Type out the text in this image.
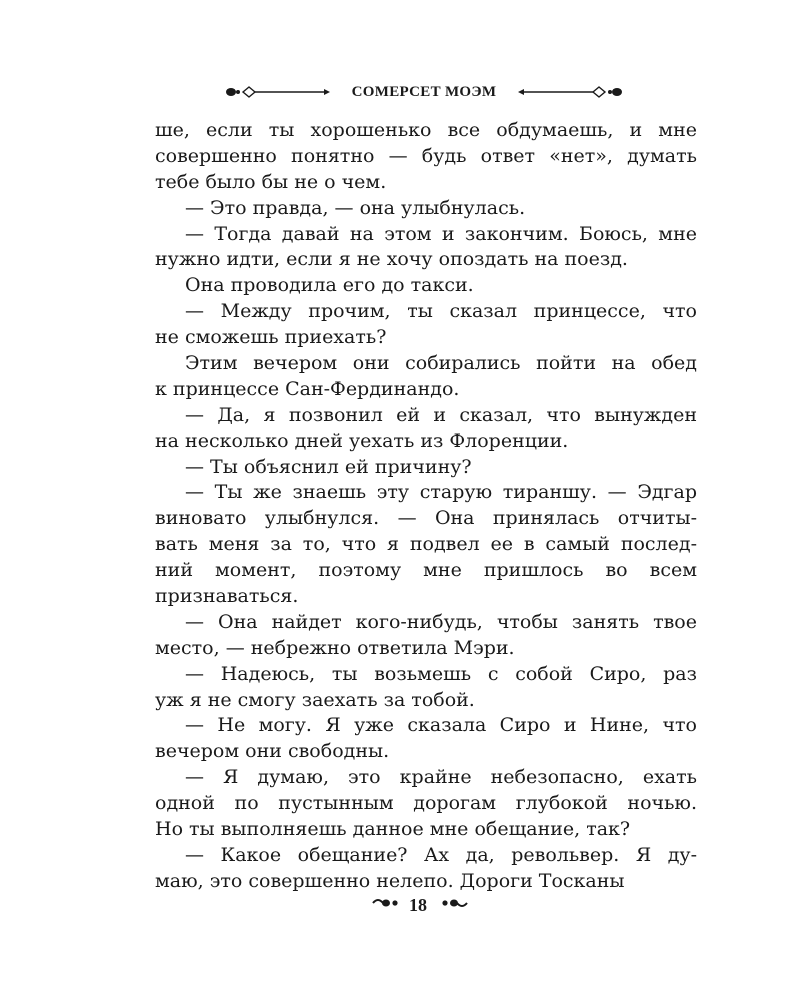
СОМЕРСЕТ МОЭМ
ше, если ты хорошенько все обдумаешь, и мне
совершенно понятно — будь ответ «нет», думать
тебе было бы не о чем.
— Это правда, — она улыбнулась.
— Тогда давай на этом и закончим. Боюсь, мне
нужно идти, если я не хочу опоздать на поезд.
Она проводила его до такси.
— Между прочим, ты сказал принцессе, что
не сможешь приехать?
Этим вечером они собирались пойти на обед
к принцессе Сан-Фердинандо.
— Да, я позвонил ей и сказал, что вынужден
на несколько дней уехать из Флоренции.
— Ты объяснил ей причину?
— Ты же знаешь эту старую тираншу. — Эдгар
виновато улыбнулся. — Она принялась отчиты-
вать меня за то, что я подвел ее в самый послед-
ний момент, поэтому мне пришлось во всем
признаваться.
— Она найдет кого-нибудь, чтобы занять твое
место, — небрежно ответила Мэри.
— Надеюсь, ты возьмешь с собой Сиро, раз
уж я не смогу заехать за тобой.
— Не могу. Я уже сказала Сиро и Нине, что
вечером они свободны.
— Я думаю, это крайне небезопасно, ехать
одной по пустынным дорогам глубокой ночью.
Но ты выполняешь данное мне обещание, так?
— Какое обещание? Ах да, револьвер. Я ду-
маю, это совершенно нелепо. Дороги Тосканы
18
